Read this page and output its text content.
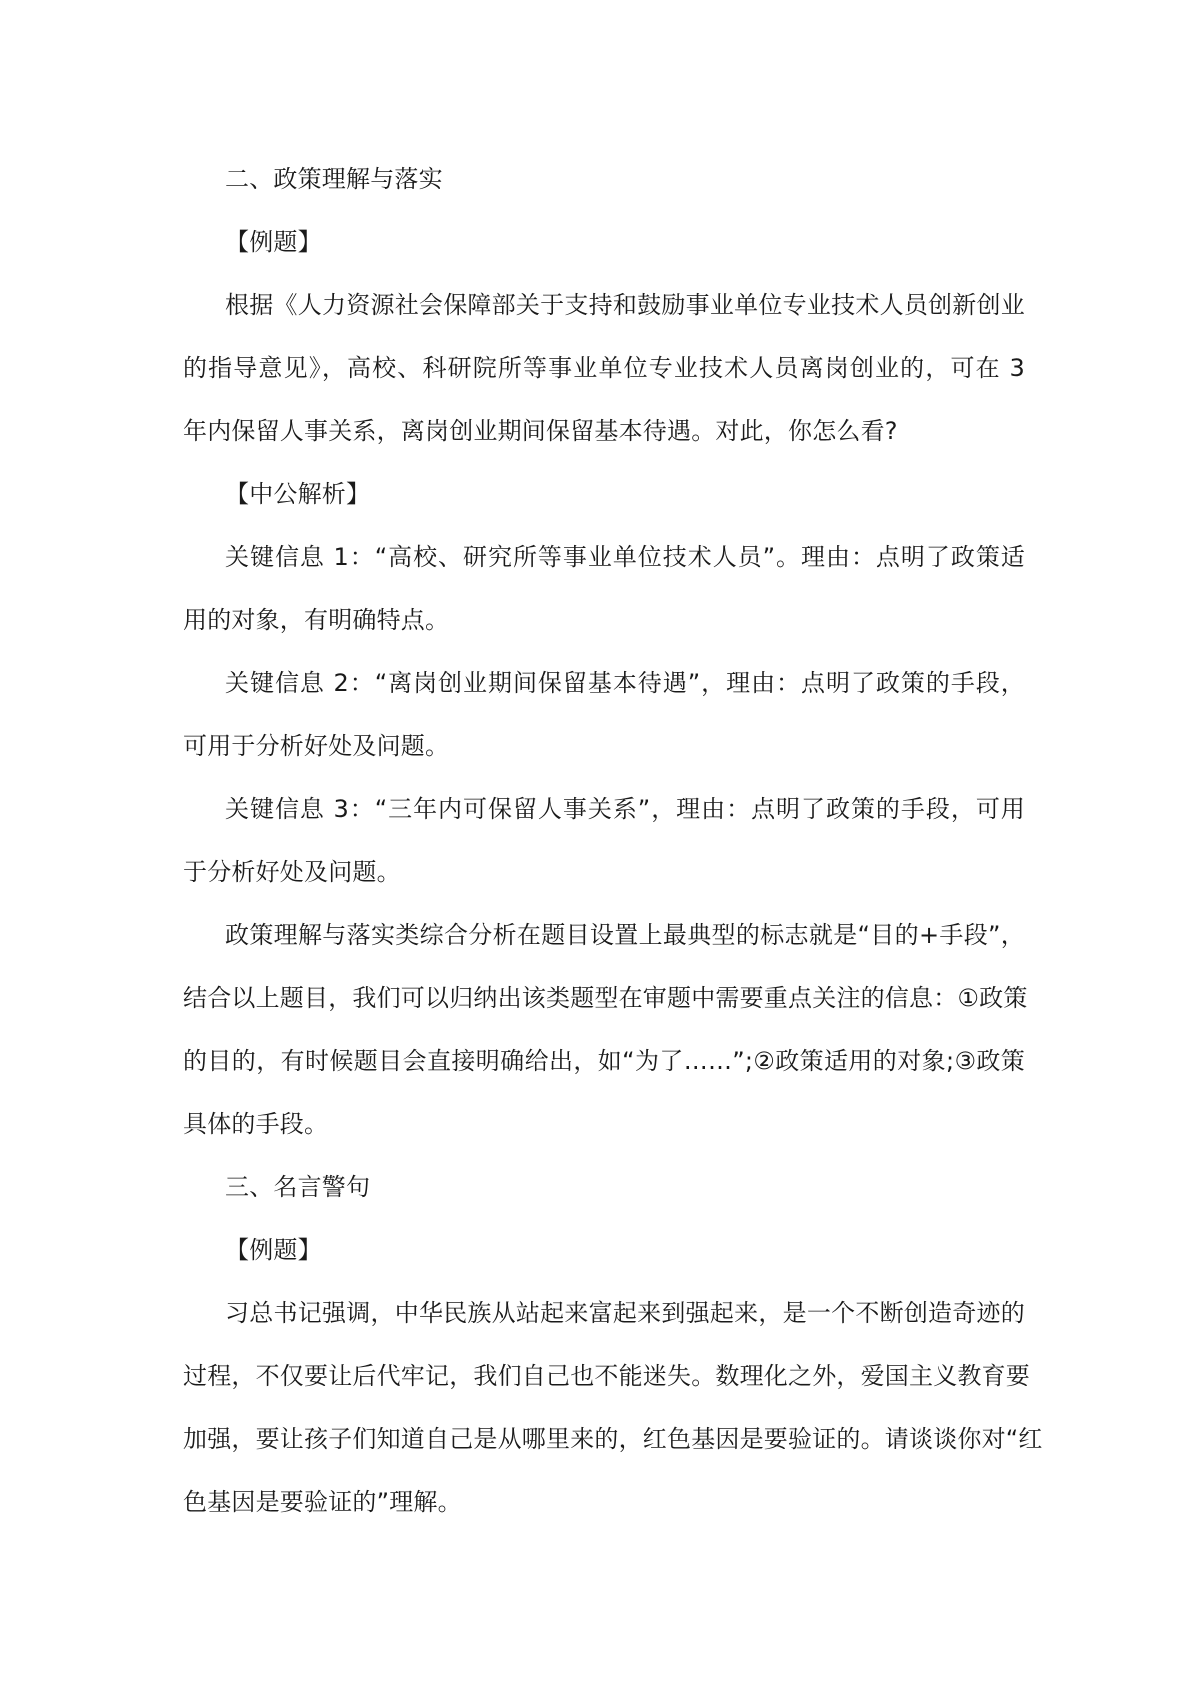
二、政策理解与落实
【例题】
根据《人力资源社会保障部关于支持和鼓励事业单位专业技术人员创新创业
的指导意见》，高校、科研院所等事业单位专业技术人员离岗创业的，可在 3
年内保留人事关系，离岗创业期间保留基本待遇。对此，你怎么看?
【中公解析】
关键信息 1：“高校、研究所等事业单位技术人员”。理由：点明了政策适
用的对象，有明确特点。
关键信息 2：“离岗创业期间保留基本待遇”，理由：点明了政策的手段，
可用于分析好处及问题。
关键信息 3：“三年内可保留人事关系”，理由：点明了政策的手段，可用
于分析好处及问题。
政策理解与落实类综合分析在题目设置上最典型的标志就是“目的+手段”，
结合以上题目，我们可以归纳出该类题型在审题中需要重点关注的信息：①政策
的目的，有时候题目会直接明确给出，如“为了……”;②政策适用的对象;③政策
具体的手段。
三、名言警句
【例题】
习总书记强调，中华民族从站起来富起来到强起来，是一个不断创造奇迹的
过程，不仅要让后代牢记，我们自己也不能迷失。数理化之外，爱国主义教育要
加强，要让孩子们知道自己是从哪里来的，红色基因是要验证的。请谈谈你对“红
色基因是要验证的”理解。
